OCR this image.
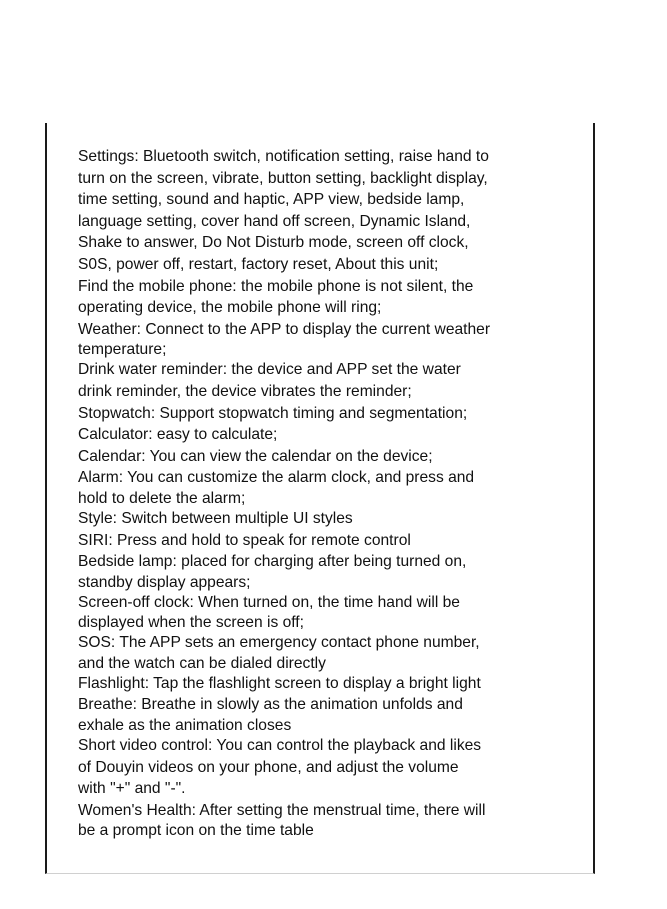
Settings: Bluetooth switch, notification setting, raise hand to

turn on the screen, vibrate, button setting, backlight display,

time setting, sound and haptic, APP view, bedside lamp,

language setting, cover hand off screen, Dynamic Island,

Shake to answer, Do Not Disturb mode, screen off clock,

S0S, power off, restart, factory reset, About this unit;

Find the mobile phone: the mobile phone is not silent, the

operating device, the mobile phone will ring;

Weather: Connect to the APP to display the current weather

temperature;

Drink water reminder: the device and APP set the water

drink reminder, the device vibrates the reminder;

Stopwatch: Support stopwatch timing and segmentation;

Calculator: easy to calculate;

Calendar: You can view the calendar on the device;

Alarm: You can customize the alarm clock, and press and

hold to delete the alarm;

Style: Switch between multiple UI styles

SIRI: Press and hold to speak for remote control

Bedside lamp: placed for charging after being turned on,

standby display appears;

Screen-off clock: When turned on, the time hand will be

displayed when the screen is off;

SOS: The APP sets an emergency contact phone number,

and the watch can be dialed directly

Flashlight: Tap the flashlight screen to display a bright light

Breathe: Breathe in slowly as the animation unfolds and

exhale as the animation closes

Short video control: You can control the playback and likes

of Douyin videos on your phone, and adjust the volume

with "+" and "-".

Women's Health: After setting the menstrual time, there will

be a prompt icon on the time table
